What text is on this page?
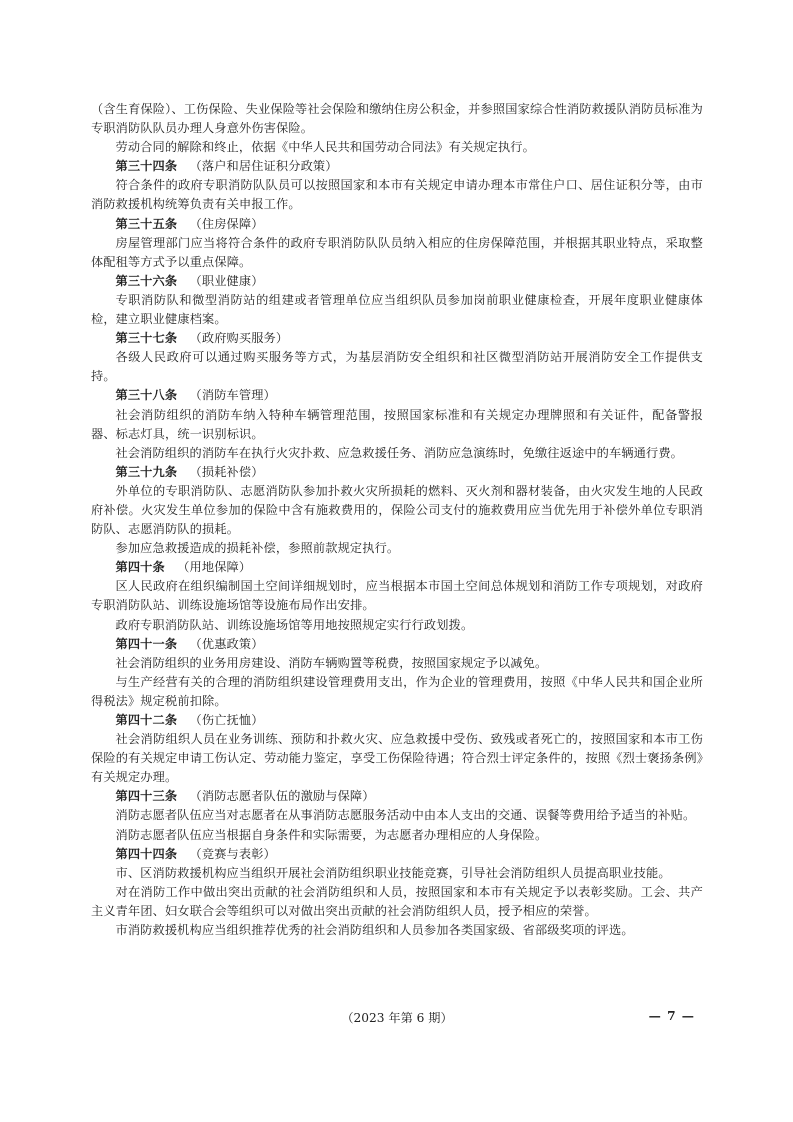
（含生育保险）、工伤保险、失业保险等社会保险和缴纳住房公积金，并参照国家综合性消防救援队消防员标准为专职消防队队员办理人身意外伤害保险。

劳动合同的解除和终止，依据《中华人民共和国劳动合同法》有关规定执行。

第三十四条  （落户和居住证积分政策）

符合条件的政府专职消防队队员可以按照国家和本市有关规定申请办理本市常住户口、居住证积分等，由市消防救援机构统筹负责有关申报工作。

第三十五条  （住房保障）

房屋管理部门应当将符合条件的政府专职消防队队员纳入相应的住房保障范围，并根据其职业特点，采取整体配租等方式予以重点保障。

第三十六条  （职业健康）

专职消防队和微型消防站的组建或者管理单位应当组织队员参加岗前职业健康检查，开展年度职业健康体检，建立职业健康档案。

第三十七条  （政府购买服务）

各级人民政府可以通过购买服务等方式，为基层消防安全组织和社区微型消防站开展消防安全工作提供支持。

第三十八条  （消防车管理）

社会消防组织的消防车纳入特种车辆管理范围，按照国家标准和有关规定办理牌照和有关证件，配备警报器、标志灯具，统一识别标识。

社会消防组织的消防车在执行火灾扑救、应急救援任务、消防应急演练时，免缴往返途中的车辆通行费。

第三十九条  （损耗补偿）

外单位的专职消防队、志愿消防队参加扑救火灾所损耗的燃料、灭火剂和器材装备，由火灾发生地的人民政府补偿。火灾发生单位参加的保险中含有施救费用的，保险公司支付的施救费用应当优先用于补偿外单位专职消防队、志愿消防队的损耗。

参加应急救援造成的损耗补偿，参照前款规定执行。

第四十条  （用地保障）

区人民政府在组织编制国土空间详细规划时，应当根据本市国土空间总体规划和消防工作专项规划，对政府专职消防队站、训练设施场馆等设施布局作出安排。

政府专职消防队站、训练设施场馆等用地按照规定实行行政划拨。

第四十一条  （优惠政策）

社会消防组织的业务用房建设、消防车辆购置等税费，按照国家规定予以减免。

与生产经营有关的合理的消防组织建设管理费用支出，作为企业的管理费用，按照《中华人民共和国企业所得税法》规定税前扣除。

第四十二条  （伤亡抚恤）

社会消防组织人员在业务训练、预防和扑救火灾、应急救援中受伤、致残或者死亡的，按照国家和本市工伤保险的有关规定申请工伤认定、劳动能力鉴定，享受工伤保险待遇；符合烈士评定条件的，按照《烈士褒扬条例》有关规定办理。

第四十三条  （消防志愿者队伍的激励与保障）

消防志愿者队伍应当对志愿者在从事消防志愿服务活动中由本人支出的交通、误餐等费用给予适当的补贴。

消防志愿者队伍应当根据自身条件和实际需要，为志愿者办理相应的人身保险。

第四十四条  （竞赛与表彰）

市、区消防救援机构应当组织开展社会消防组织职业技能竞赛，引导社会消防组织人员提高职业技能。

对在消防工作中做出突出贡献的社会消防组织和人员，按照国家和本市有关规定予以表彰奖励。工会、共产主义青年团、妇女联合会等组织可以对做出突出贡献的社会消防组织人员，授予相应的荣誉。

市消防救援机构应当组织推荐优秀的社会消防组织和人员参加各类国家级、省部级奖项的评选。

（2023 年第 6 期）	— 7 —
